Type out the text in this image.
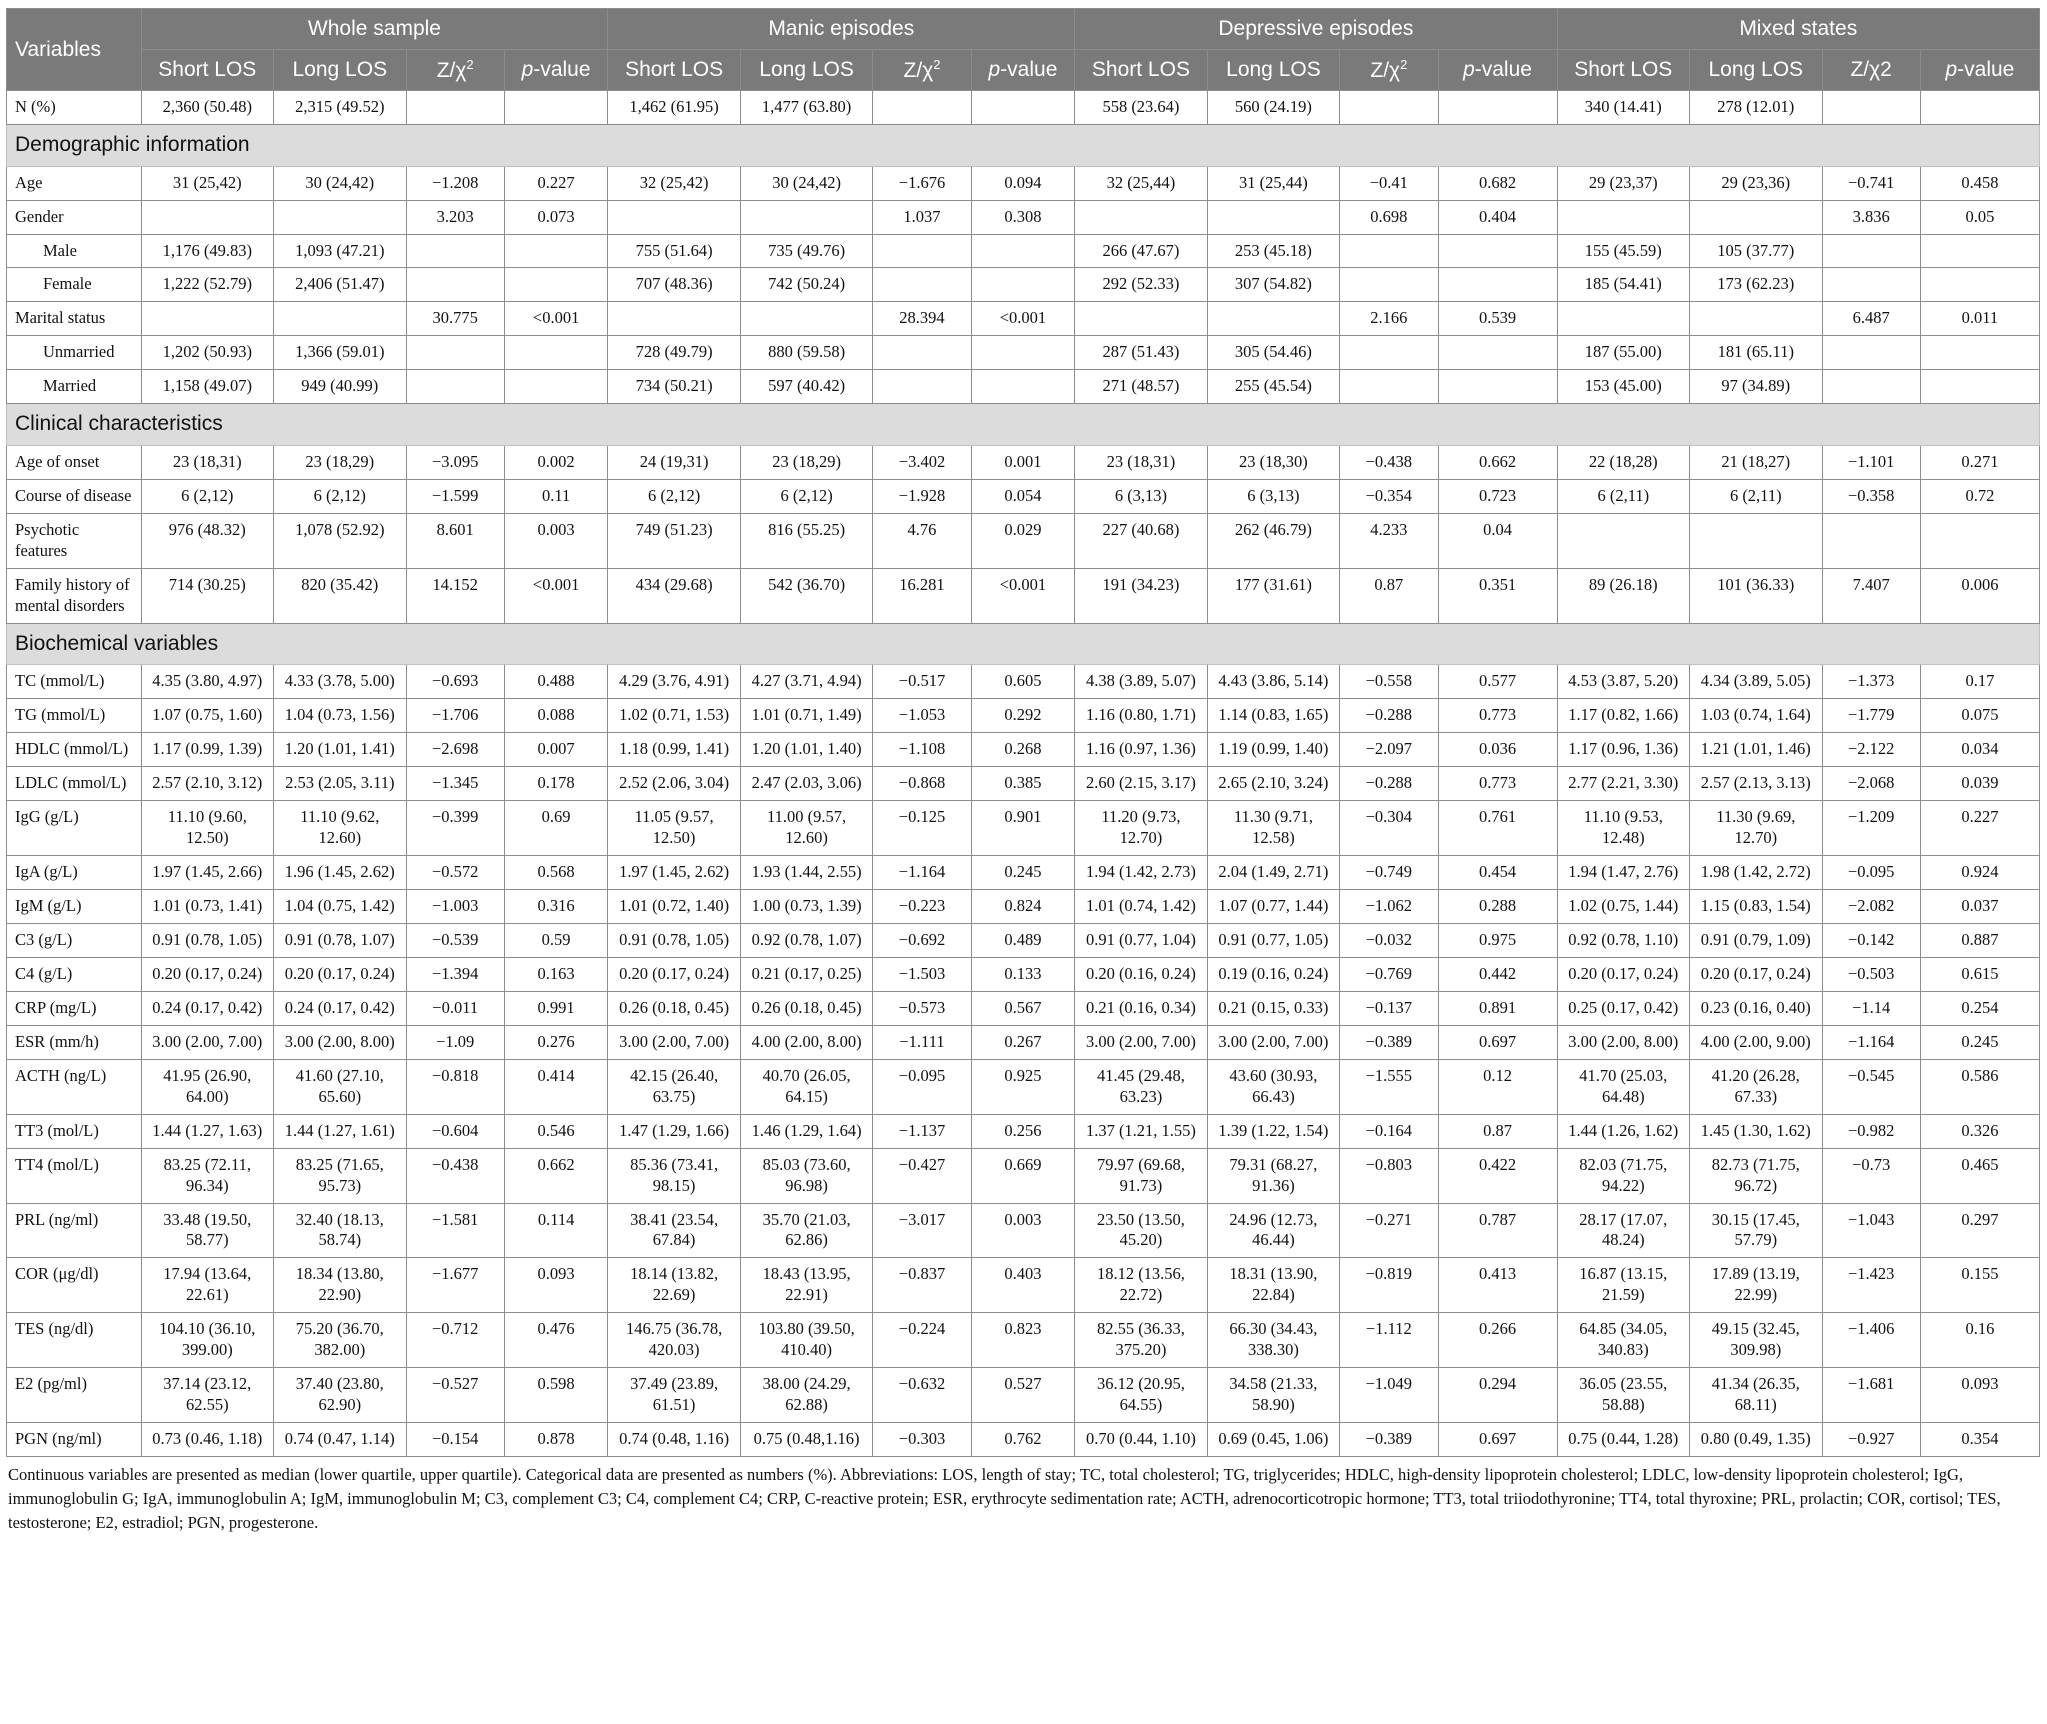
Variables	Whole sample				Manic episodes				Depressive episodes				Mixed states			
	Short LOS	Long LOS	$Z/\chi^2$	p-value	Short LOS	Long LOS	$Z/\chi^2$	p-value	Short LOS	Long LOS	$Z/\chi^2$	p-value	Short LOS	Long LOS	Z/χ2	p-value
N (%)	2,360 (50.48)	2,315 (49.52)			1,462 (61.95)	1,477 (63.80)			558 (23.64)	560 (24.19)			340 (14.41)	278 (12.01)		
Demographic information																
Age	31 (25,42)	30 (24,42)	−1.208	0.227	32 (25,42)	30 (24,42)	−1.676	0.094	32 (25,44)	31 (25,44)	−0.41	0.682	29 (23,37)	29 (23,36)	−0.741	0.458
Gender			3.203	0.073			1.037	0.308			0.698	0.404			3.836	0.05
Male	1,176 (49.83)	1,093 (47.21)			755 (51.64)	735 (49.76)			266 (47.67)	253 (45.18)			155 (45.59)	105 (37.77)		
Female	1,222 (52.79)	2,406 (51.47)			707 (48.36)	742 (50.24)			292 (52.33)	307 (54.82)			185 (54.41)	173 (62.23)		
Marital status			30.775	<0.001			28.394	<0.001			2.166	0.539			6.487	0.011
Unmarried	1,202 (50.93)	1,366 (59.01)			728 (49.79)	880 (59.58)			287 (51.43)	305 (54.46)			187 (55.00)	181 (65.11)		
Married	1,158 (49.07)	949 (40.99)			734 (50.21)	597 (40.42)			271 (48.57)	255 (45.54)			153 (45.00)	97 (34.89)		
Clinical characteristics																
Age of onset	23 (18,31)	23 (18,29)	−3.095	0.002	24 (19,31)	23 (18,29)	−3.402	0.001	23 (18,31)	23 (18,30)	−0.438	0.662	22 (18,28)	21 (18,27)	−1.101	0.271
Course of disease	6 (2,12)	6 (2,12)	−1.599	0.11	6 (2,12)	6 (2,12)	−1.928	0.054	6 (3,13)	6 (3,13)	−0.354	0.723	6 (2,11)	6 (2,11)	−0.358	0.72
Psychotic features	976 (48.32)	1,078 (52.92)	8.601	0.003	749 (51.23)	816 (55.25)	4.76	0.029	227 (40.68)	262 (46.79)	4.233	0.04				
Family history of mental disorders	714 (30.25)	820 (35.42)	14.152	<0.001	434 (29.68)	542 (36.70)	16.281	<0.001	191 (34.23)	177 (31.61)	0.87	0.351	89 (26.18)	101 (36.33)	7.407	0.006
Biochemical variables																
TC (mmol/L)	4.35 (3.80, 4.97)	4.33 (3.78, 5.00)	−0.693	0.488	4.29 (3.76, 4.91)	4.27 (3.71, 4.94)	−0.517	0.605	4.38 (3.89, 5.07)	4.43 (3.86, 5.14)	−0.558	0.577	4.53 (3.87, 5.20)	4.34 (3.89, 5.05)	−1.373	0.17
TG (mmol/L)	1.07 (0.75, 1.60)	1.04 (0.73, 1.56)	−1.706	0.088	1.02 (0.71, 1.53)	1.01 (0.71, 1.49)	−1.053	0.292	1.16 (0.80, 1.71)	1.14 (0.83, 1.65)	−0.288	0.773	1.17 (0.82, 1.66)	1.03 (0.74, 1.64)	−1.779	0.075
HDLC (mmol/L)	1.17 (0.99, 1.39)	1.20 (1.01, 1.41)	−2.698	0.007	1.18 (0.99, 1.41)	1.20 (1.01, 1.40)	−1.108	0.268	1.16 (0.97, 1.36)	1.19 (0.99, 1.40)	−2.097	0.036	1.17 (0.96, 1.36)	1.21 (1.01, 1.46)	−2.122	0.034
LDLC (mmol/L)	2.57 (2.10, 3.12)	2.53 (2.05, 3.11)	−1.345	0.178	2.52 (2.06, 3.04)	2.47 (2.03, 3.06)	−0.868	0.385	2.60 (2.15, 3.17)	2.65 (2.10, 3.24)	−0.288	0.773	2.77 (2.21, 3.30)	2.57 (2.13, 3.13)	−2.068	0.039
IgG (g/L)	11.10 (9.60, 12.50)	11.10 (9.62, 12.60)	−0.399	0.69	11.05 (9.57, 12.50)	11.00 (9.57, 12.60)	−0.125	0.901	11.20 (9.73, 12.70)	11.30 (9.71, 12.58)	−0.304	0.761	11.10 (9.53, 12.48)	11.30 (9.69, 12.70)	−1.209	0.227
IgA (g/L)	1.97 (1.45, 2.66)	1.96 (1.45, 2.62)	−0.572	0.568	1.97 (1.45, 2.62)	1.93 (1.44, 2.55)	−1.164	0.245	1.94 (1.42, 2.73)	2.04 (1.49, 2.71)	−0.749	0.454	1.94 (1.47, 2.76)	1.98 (1.42, 2.72)	−0.095	0.924
IgM (g/L)	1.01 (0.73, 1.41)	1.04 (0.75, 1.42)	−1.003	0.316	1.01 (0.72, 1.40)	1.00 (0.73, 1.39)	−0.223	0.824	1.01 (0.74, 1.42)	1.07 (0.77, 1.44)	−1.062	0.288	1.02 (0.75, 1.44)	1.15 (0.83, 1.54)	−2.082	0.037
C3 (g/L)	0.91 (0.78, 1.05)	0.91 (0.78, 1.07)	−0.539	0.59	0.91 (0.78, 1.05)	0.92 (0.78, 1.07)	−0.692	0.489	0.91 (0.77, 1.04)	0.91 (0.77, 1.05)	−0.032	0.975	0.92 (0.78, 1.10)	0.91 (0.79, 1.09)	−0.142	0.887
C4 (g/L)	0.20 (0.17, 0.24)	0.20 (0.17, 0.24)	−1.394	0.163	0.20 (0.17, 0.24)	0.21 (0.17, 0.25)	−1.503	0.133	0.20 (0.16, 0.24)	0.19 (0.16, 0.24)	−0.769	0.442	0.20 (0.17, 0.24)	0.20 (0.17, 0.24)	−0.503	0.615
CRP (mg/L)	0.24 (0.17, 0.42)	0.24 (0.17, 0.42)	−0.011	0.991	0.26 (0.18, 0.45)	0.26 (0.18, 0.45)	−0.573	0.567	0.21 (0.16, 0.34)	0.21 (0.15, 0.33)	−0.137	0.891	0.25 (0.17, 0.42)	0.23 (0.16, 0.40)	−1.14	0.254
ESR (mm/h)	3.00 (2.00, 7.00)	3.00 (2.00, 8.00)	−1.09	0.276	3.00 (2.00, 7.00)	4.00 (2.00, 8.00)	−1.111	0.267	3.00 (2.00, 7.00)	3.00 (2.00, 7.00)	−0.389	0.697	3.00 (2.00, 8.00)	4.00 (2.00, 9.00)	−1.164	0.245
ACTH (ng/L)	41.95 (26.90, 64.00)	41.60 (27.10, 65.60)	−0.818	0.414	42.15 (26.40, 63.75)	40.70 (26.05, 64.15)	−0.095	0.925	41.45 (29.48, 63.23)	43.60 (30.93, 66.43)	−1.555	0.12	41.70 (25.03, 64.48)	41.20 (26.28, 67.33)	−0.545	0.586
TT3 (mol/L)	1.44 (1.27, 1.63)	1.44 (1.27, 1.61)	−0.604	0.546	1.47 (1.29, 1.66)	1.46 (1.29, 1.64)	−1.137	0.256	1.37 (1.21, 1.55)	1.39 (1.22, 1.54)	−0.164	0.87	1.44 (1.26, 1.62)	1.45 (1.30, 1.62)	−0.982	0.326
TT4 (mol/L)	83.25 (72.11, 96.34)	83.25 (71.65, 95.73)	−0.438	0.662	85.36 (73.41, 98.15)	85.03 (73.60, 96.98)	−0.427	0.669	79.97 (69.68, 91.73)	79.31 (68.27, 91.36)	−0.803	0.422	82.03 (71.75, 94.22)	82.73 (71.75, 96.72)	−0.73	0.465
PRL (ng/ml)	33.48 (19.50, 58.77)	32.40 (18.13, 58.74)	−1.581	0.114	38.41 (23.54, 67.84)	35.70 (21.03, 62.86)	−3.017	0.003	23.50 (13.50, 45.20)	24.96 (12.73, 46.44)	−0.271	0.787	28.17 (17.07, 48.24)	30.15 (17.45, 57.79)	−1.043	0.297
COR (μg/dl)	17.94 (13.64, 22.61)	18.34 (13.80, 22.90)	−1.677	0.093	18.14 (13.82, 22.69)	18.43 (13.95, 22.91)	−0.837	0.403	18.12 (13.56, 22.72)	18.31 (13.90, 22.84)	−0.819	0.413	16.87 (13.15, 21.59)	17.89 (13.19, 22.99)	−1.423	0.155
TES (ng/dl)	104.10 (36.10, 399.00)	75.20 (36.70, 382.00)	−0.712	0.476	146.75 (36.78, 420.03)	103.80 (39.50, 410.40)	−0.224	0.823	82.55 (36.33, 375.20)	66.30 (34.43, 338.30)	−1.112	0.266	64.85 (34.05, 340.83)	49.15 (32.45, 309.98)	−1.406	0.16
E2 (pg/ml)	37.14 (23.12, 62.55)	37.40 (23.80, 62.90)	−0.527	0.598	37.49 (23.89, 61.51)	38.00 (24.29, 62.88)	−0.632	0.527	36.12 (20.95, 64.55)	34.58 (21.33, 58.90)	−1.049	0.294	36.05 (23.55, 58.88)	41.34 (26.35, 68.11)	−1.681	0.093
PGN (ng/ml)	0.73 (0.46, 1.18)	0.74 (0.47, 1.14)	−0.154	0.878	0.74 (0.48, 1.16)	0.75 (0.48,1.16)	−0.303	0.762	0.70 (0.44, 1.10)	0.69 (0.45, 1.06)	−0.389	0.697	0.75 (0.44, 1.28)	0.80 (0.49, 1.35)	−0.927	0.354

Continuous variables are presented as median (lower quartile, upper quartile). Categorical data are presented as numbers (%). Abbreviations: LOS, length of stay; TC, total cholesterol; TG, triglycerides; HDLC, high-density lipoprotein cholesterol; LDLC, low-density lipoprotein cholesterol; IgG, immunoglobulin G; IgA, immunoglobulin A; IgM, immunoglobulin M; C3, complement C3; C4, complement C4; CRP, C-reactive protein; ESR, erythrocyte sedimentation rate; ACTH, adrenocorticotropic hormone; TT3, total triiodothyronine; TT4, total thyroxine; PRL, prolactin; COR, cortisol; TES, testosterone; E2, estradiol; PGN, progesterone.
